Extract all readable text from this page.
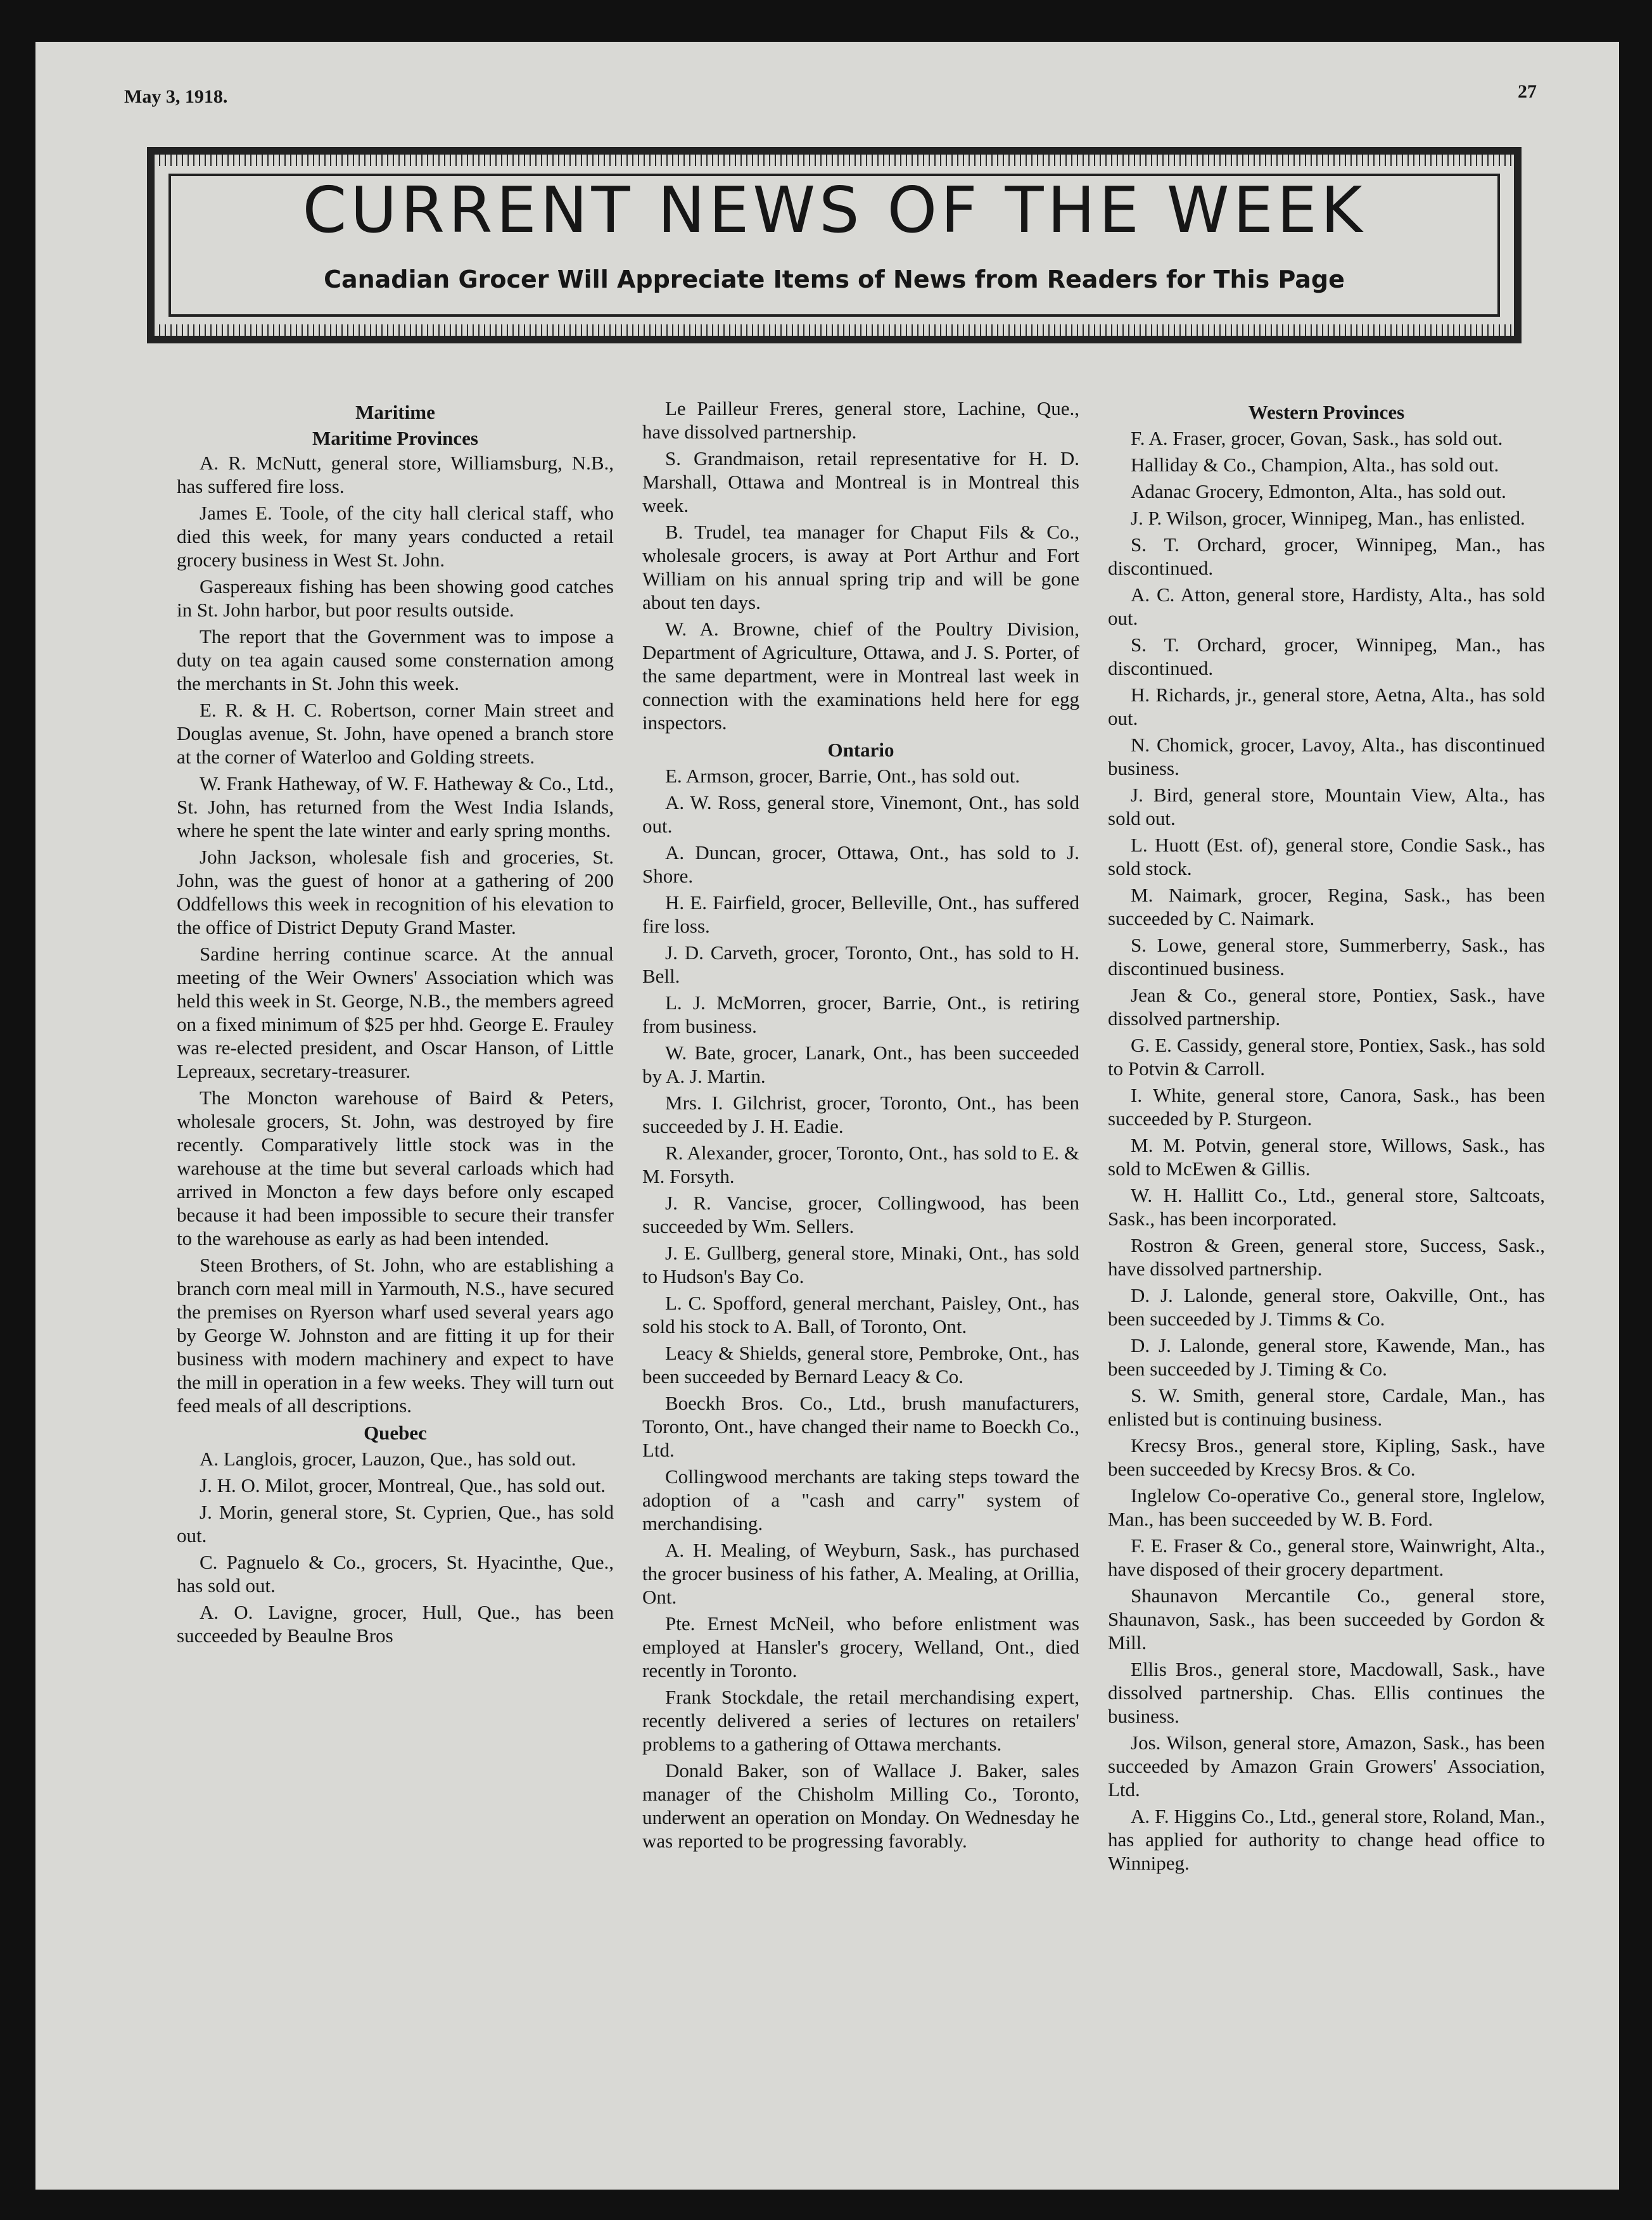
May 3, 1918.	27
CURRENT NEWS OF THE WEEK
Canadian Grocer Will Appreciate Items of News from Readers for This Page
Maritime
Maritime Provinces
A. R. McNutt, general store, Williamsburg, N.B., has suffered fire loss.
James E. Toole, of the city hall clerical staff, who died this week, for many years conducted a retail grocery business in West St. John.
Gaspereaux fishing has been showing good catches in St. John harbor, but poor results outside.
The report that the Government was to impose a duty on tea again caused some consternation among the merchants in St. John this week.
E. R. & H. C. Robertson, corner Main street and Douglas avenue, St. John, have opened a branch store at the corner of Waterloo and Golding streets.
W. Frank Hatheway, of W. F. Hatheway & Co., Ltd., St. John, has returned from the West India Islands, where he spent the late winter and early spring months.
John Jackson, wholesale fish and groceries, St. John, was the guest of honor at a gathering of 200 Oddfellows this week in recognition of his elevation to the office of District Deputy Grand Master.
Sardine herring continue scarce. At the annual meeting of the Weir Owners' Association which was held this week in St. George, N.B., the members agreed on a fixed minimum of $25 per hhd. George E. Frauley was re-elected president, and Oscar Hanson, of Little Lepreaux, secretary-treasurer.
The Moncton warehouse of Baird & Peters, wholesale grocers, St. John, was destroyed by fire recently. Comparatively little stock was in the warehouse at the time but several carloads which had arrived in Moncton a few days before only escaped because it had been impossible to secure their transfer to the warehouse as early as had been intended.
Steen Brothers, of St. John, who are establishing a branch corn meal mill in Yarmouth, N.S., have secured the premises on Ryerson wharf used several years ago by George W. Johnston and are fitting it up for their business with modern machinery and expect to have the mill in operation in a few weeks. They will turn out feed meals of all descriptions.
Quebec
A. Langlois, grocer, Lauzon, Que., has sold out.
J. H. O. Milot, grocer, Montreal, Que., has sold out.
J. Morin, general store, St. Cyprien, Que., has sold out.
C. Pagnuelo & Co., grocers, St. Hyacinthe, Que., has sold out.
A. O. Lavigne, grocer, Hull, Que., has been succeeded by Beaulne Bros
Le Pailleur Freres, general store, Lachine, Que., have dissolved partnership.
S. Grandmaison, retail representative for H. D. Marshall, Ottawa and Montreal is in Montreal this week.
B. Trudel, tea manager for Chaput Fils & Co., wholesale grocers, is away at Port Arthur and Fort William on his annual spring trip and will be gone about ten days.
W. A. Browne, chief of the Poultry Division, Department of Agriculture, Ottawa, and J. S. Porter, of the same department, were in Montreal last week in connection with the examinations held here for egg inspectors.
Ontario
E. Armson, grocer, Barrie, Ont., has sold out.
A. W. Ross, general store, Vinemont, Ont., has sold out.
A. Duncan, grocer, Ottawa, Ont., has sold to J. Shore.
H. E. Fairfield, grocer, Belleville, Ont., has suffered fire loss.
J. D. Carveth, grocer, Toronto, Ont., has sold to H. Bell.
L. J. McMorren, grocer, Barrie, Ont., is retiring from business.
W. Bate, grocer, Lanark, Ont., has been succeeded by A. J. Martin.
Mrs. I. Gilchrist, grocer, Toronto, Ont., has been succeeded by J. H. Eadie.
R. Alexander, grocer, Toronto, Ont., has sold to E. & M. Forsyth.
J. R. Vancise, grocer, Collingwood, has been succeeded by Wm. Sellers.
J. E. Gullberg, general store, Minaki, Ont., has sold to Hudson's Bay Co.
L. C. Spofford, general merchant, Paisley, Ont., has sold his stock to A. Ball, of Toronto, Ont.
Leacy & Shields, general store, Pembroke, Ont., has been succeeded by Bernard Leacy & Co.
Boeckh Bros. Co., Ltd., brush manufacturers, Toronto, Ont., have changed their name to Boeckh Co., Ltd.
Collingwood merchants are taking steps toward the adoption of a "cash and carry" system of merchandising.
A. H. Mealing, of Weyburn, Sask., has purchased the grocer business of his father, A. Mealing, at Orillia, Ont.
Pte. Ernest McNeil, who before enlistment was employed at Hansler's grocery, Welland, Ont., died recently in Toronto.
Frank Stockdale, the retail merchandising expert, recently delivered a series of lectures on retailers' problems to a gathering of Ottawa merchants.
Donald Baker, son of Wallace J. Baker, sales manager of the Chisholm Milling Co., Toronto, underwent an operation on Monday. On Wednesday he was reported to be progressing favorably.
Western Provinces
F. A. Fraser, grocer, Govan, Sask., has sold out.
Halliday & Co., Champion, Alta., has sold out.
Adanac Grocery, Edmonton, Alta., has sold out.
J. P. Wilson, grocer, Winnipeg, Man., has enlisted.
S. T. Orchard, grocer, Winnipeg, Man., has discontinued.
A. C. Atton, general store, Hardisty, Alta., has sold out.
S. T. Orchard, grocer, Winnipeg, Man., has discontinued.
H. Richards, jr., general store, Aetna, Alta., has sold out.
N. Chomick, grocer, Lavoy, Alta., has discontinued business.
J. Bird, general store, Mountain View, Alta., has sold out.
L. Huott (Est. of), general store, Condie Sask., has sold stock.
M. Naimark, grocer, Regina, Sask., has been succeeded by C. Naimark.
S. Lowe, general store, Summerberry, Sask., has discontinued business.
Jean & Co., general store, Pontiex, Sask., have dissolved partnership.
G. E. Cassidy, general store, Pontiex, Sask., has sold to Potvin & Carroll.
I. White, general store, Canora, Sask., has been succeeded by P. Sturgeon.
M. M. Potvin, general store, Willows, Sask., has sold to McEwen & Gillis.
W. H. Hallitt Co., Ltd., general store, Saltcoats, Sask., has been incorporated.
Rostron & Green, general store, Success, Sask., have dissolved partnership.
D. J. Lalonde, general store, Oakville, Ont., has been succeeded by J. Timms & Co.
D. J. Lalonde, general store, Kawende, Man., has been succeeded by J. Timing & Co.
S. W. Smith, general store, Cardale, Man., has enlisted but is continuing business.
Krecsy Bros., general store, Kipling, Sask., have been succeeded by Krecsy Bros. & Co.
Inglelow Co-operative Co., general store, Inglelow, Man., has been succeeded by W. B. Ford.
F. E. Fraser & Co., general store, Wainwright, Alta., have disposed of their grocery department.
Shaunavon Mercantile Co., general store, Shaunavon, Sask., has been succeeded by Gordon & Mill.
Ellis Bros., general store, Macdowall, Sask., have dissolved partnership. Chas. Ellis continues the business.
Jos. Wilson, general store, Amazon, Sask., has been succeeded by Amazon Grain Growers' Association, Ltd.
A. F. Higgins Co., Ltd., general store, Roland, Man., has applied for authority to change head office to Winnipeg.
